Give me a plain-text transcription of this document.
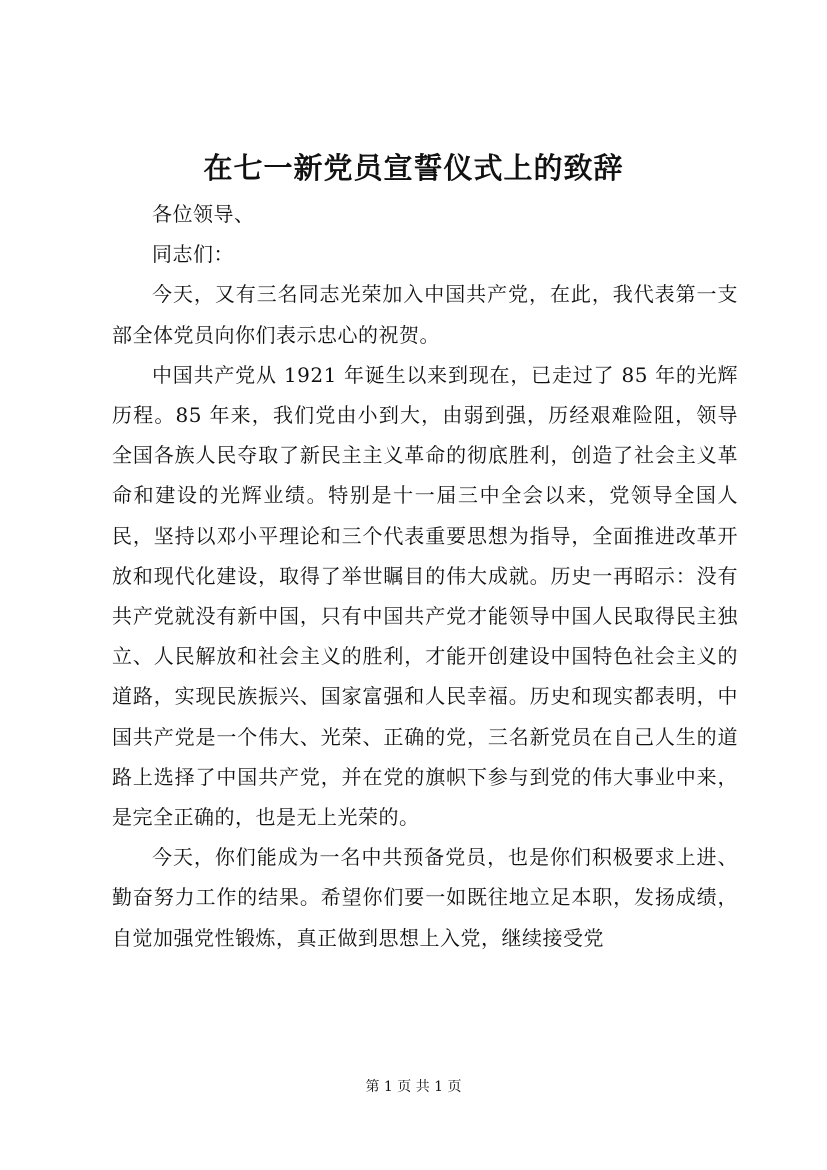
在七一新党员宣誓仪式上的致辞

各位领导、

同志们：

今天，又有三名同志光荣加入中国共产党，在此，我代表第一支部全体党员向你们表示忠心的祝贺。

中国共产党从 1921 年诞生以来到现在，已走过了 85 年的光辉历程。85 年来，我们党由小到大，由弱到强，历经艰难险阻，领导全国各族人民夺取了新民主主义革命的彻底胜利，创造了社会主义革命和建设的光辉业绩。特别是十一届三中全会以来，党领导全国人民，坚持以邓小平理论和三个代表重要思想为指导，全面推进改革开放和现代化建设，取得了举世瞩目的伟大成就。历史一再昭示：没有共产党就没有新中国，只有中国共产党才能领导中国人民取得民主独立、人民解放和社会主义的胜利，才能开创建设中国特色社会主义的道路，实现民族振兴、国家富强和人民幸福。历史和现实都表明，中国共产党是一个伟大、光荣、正确的党，三名新党员在自己人生的道路上选择了中国共产党，并在党的旗帜下参与到党的伟大事业中来，是完全正确的，也是无上光荣的。

今天，你们能成为一名中共预备党员，也是你们积极要求上进、勤奋努力工作的结果。希望你们要一如既往地立足本职，发扬成绩，自觉加强党性锻炼，真正做到思想上入党，继续接受党

第 1 页 共 1 页
